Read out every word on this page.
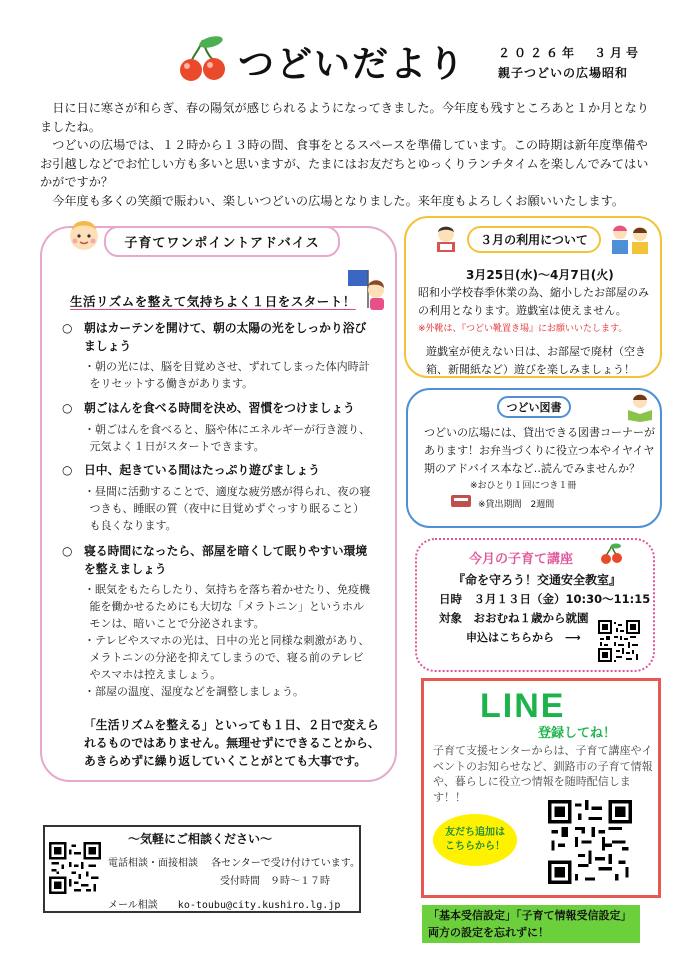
つどいだより	２０２６年　３月号
親子つどいの広場昭和

日に日に寒さが和らぎ、春の陽気が感じられるようになってきました。今年度も残すところあと１か月となりましたね。

つどいの広場では、１２時から１３時の間、食事をとるスペースを準備しています。この時期は新年度準備やお引越しなどでお忙しい方も多いと思いますが、たまにはお友だちとゆっくりランチタイムを楽しんでみてはいかがですか？

今年度も多くの笑顔で賑わい、楽しいつどいの広場となりました。来年度もよろしくお願いいたします。

子育てワンポイントアドバイス
生活リズムを整えて気持ちよく１日をスタート！
○ 朝はカーテンを開けて、朝の太陽の光をしっかり浴びましょう
・朝の光には、脳を目覚めさせ、ずれてしまった体内時計をリセットする働きがあります。
○ 朝ごはんを食べる時間を決め、習慣をつけましょう
・朝ごはんを食べると、脳や体にエネルギーが行き渡り、元気よく１日がスタートできます。
○ 日中、起きている間はたっぷり遊びましょう
・昼間に活動することで、適度な疲労感が得られ、夜の寝つきも、睡眠の質（夜中に目覚めずぐっすり眠ること）も良くなります。
○ 寝る時間になったら、部屋を暗くして眠りやすい環境を整えましょう
・眠気をもたらしたり、気持ちを落ち着かせたり、免疫機能を働かせるためにも大切な「メラトニン」というホルモンは、暗いことで分泌されます。
・テレビやスマホの光は、日中の光と同様な刺激があり、メラトニンの分泌を抑えてしまうので、寝る前のテレビやスマホは控えましょう。
・部屋の温度、湿度などを調整しましょう。
「生活リズムを整える」といっても１日、２日で変えられるものではありません。無理せずにできることから、あきらめずに繰り返していくことがとても大事です。
３月の利用について
3月25日(水)～4月7日(火)
昭和小学校春季休業の為、縮小したお部屋のみの利用となります。遊戯室は使えません。
※外靴は、『つどい靴置き場』にお願いいたします。
遊戯室が使えない日は、お部屋で廃材（空き箱、新聞紙など）遊びを楽しみましょう！
つどい図書
つどいの広場には、貸出できる図書コーナーがあります！お弁当づくりに役立つ本やイヤイヤ期のアドバイス本など‥読んでみませんか？
※おひとり１回につき１冊
※貸出期間　2週間
今月の子育て講座
『命を守ろう！交通安全教室』
日時　３月１３日（金）10:30～11:15
対象　おおむね１歳から就園
申込はこちらから　⟶
LINE
登録してね！
子育て支援センターからは、子育て講座やイベントのお知らせなど、釧路市の子育て情報や、暮らしに役立つ情報を随時配信します！！
友だち追加は
こちらから！
「基本受信設定」「子育て情報受信設定」
両方の設定を忘れずに！
～気軽にご相談ください～
電話相談・面接相談　 各センターで受け付けています。
受付時間　９時～１７時
メール相談　　ko-toubu@city.kushiro.lg.jp
